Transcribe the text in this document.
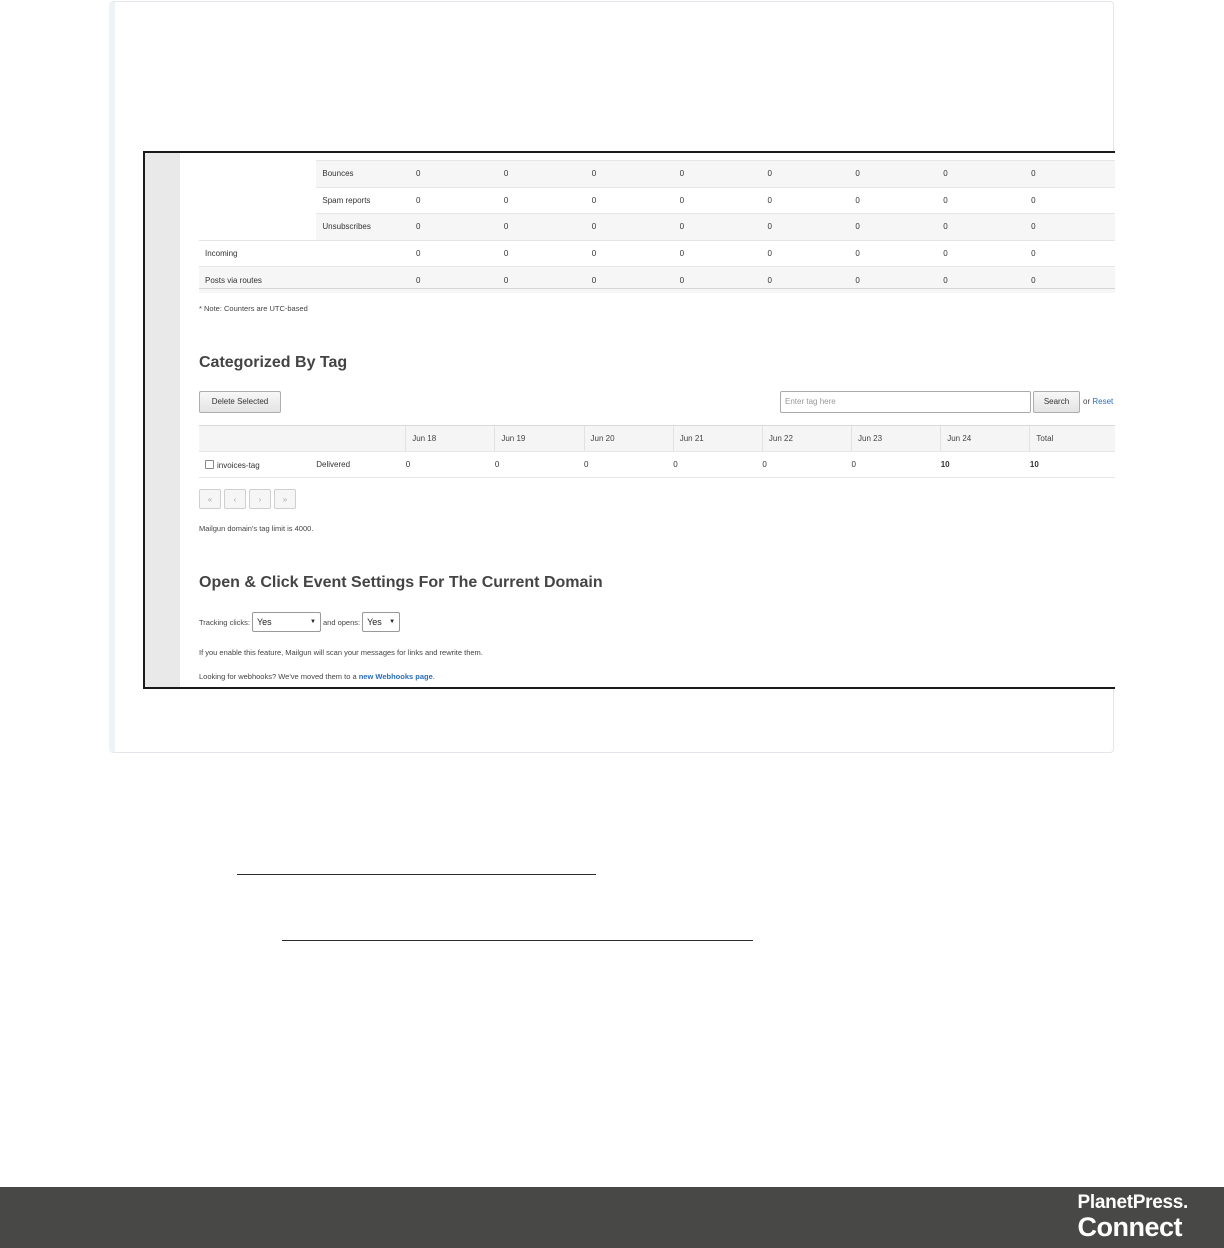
	Bounces	0	0	0	0	0	0	0	0
	Spam reports	0	0	0	0	0	0	0	0
	Unsubscribes	0	0	0	0	0	0	0	0
Incoming		0	0	0	0	0	0	0	0
Posts via routes		0	0	0	0	0	0	0	0
* Note: Counters are UTC-based
Categorized By Tag
Delete Selected	Enter tag here	Search	or Reset
		Jun 18	Jun 19	Jun 20	Jun 21	Jun 22	Jun 23	Jun 24	Total
invoices-tag	Delivered	0	0	0	0	0	0	10	10
«	‹	›	»
Mailgun domain's tag limit is 4000.
Open & Click Event Settings For The Current Domain
Tracking clicks: Yes	▼ and opens: Yes ▼
If you enable this feature, Mailgun will scan your messages for links and rewrite them.
Looking for webhooks? We've moved them to a new Webhooks page.
PlanetPress.
Connect
